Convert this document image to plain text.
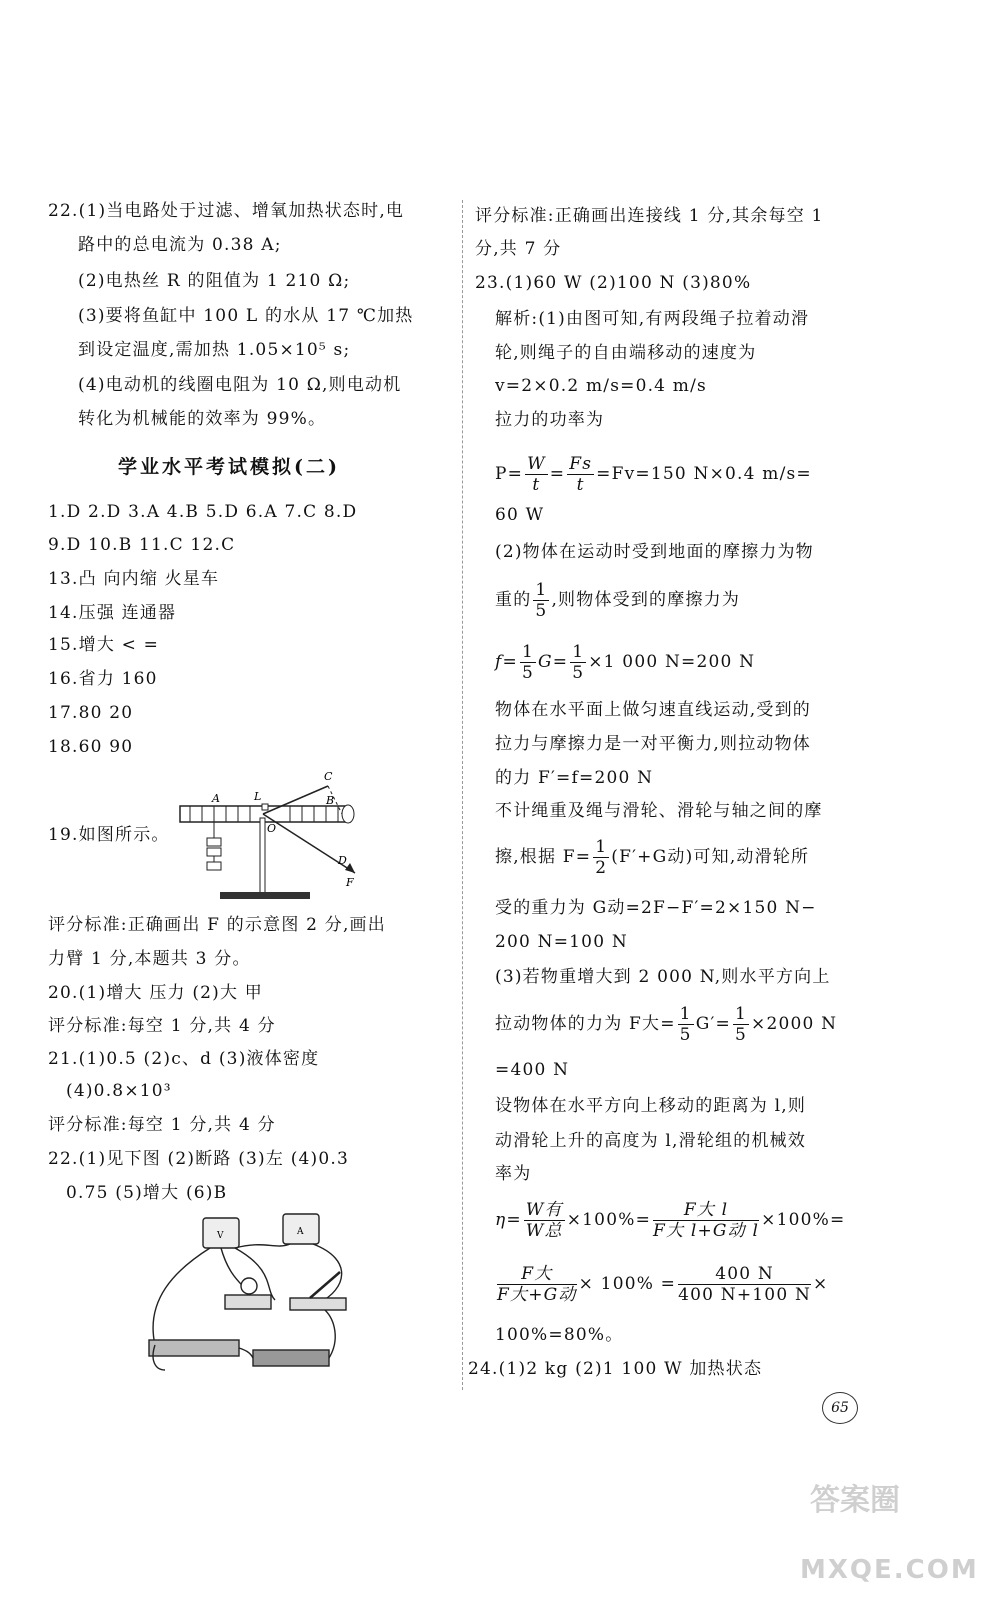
22.(1)当电路处于过滤、增氧加热状态时,电
路中的总电流为 0.38 A;
(2)电热丝 R 的阻值为 1 210 Ω;
(3)要将鱼缸中 100 L 的水从 17 ℃加热
到设定温度,需加热 1.05×10⁵ s;
(4)电动机的线圈电阻为 10 Ω,则电动机
转化为机械能的效率为 99%。
学业水平考试模拟(二)
1.D 2.D 3.A 4.B 5.D 6.A 7.C 8.D
9.D 10.B 11.C 12.C
13.凸 向内缩 火星车
14.压强 连通器
15.增大 < =
16.省力 160
17.80 20
18.60 90
19.如图所示。
A	L
C
B
O
D
F
评分标准:正确画出 F 的示意图 2 分,画出
力臂 1 分,本题共 3 分。
20.(1)增大 压力 (2)大 甲
评分标准:每空 1 分,共 4 分
21.(1)0.5 (2)c、d (3)液体密度
(4)0.8×10³
评分标准:每空 1 分,共 4 分
22.(1)见下图 (2)断路 (3)左 (4)0.3
0.75 (5)增大 (6)B
V	A
评分标准:正确画出连接线 1 分,其余每空 1
分,共 7 分
23.(1)60 W (2)100 N (3)80%
解析:(1)由图可知,有两段绳子拉着动滑
轮,则绳子的自由端移动的速度为
v=2×0.2 m/s=0.4 m/s
拉力的功率为
$P= \frac{W}{t} = \frac{Fs}{t} =Fv=150$ N×0.4 m/s=
60 W
(2)物体在运动时受到地面的摩擦力为物
重的 $\frac{1}{5}$ ,则物体受到的摩擦力为
$f= \frac{1}{5} G= \frac{1}{5} \times 1$ 000 N=200 N
物体在水平面上做匀速直线运动,受到的
拉力与摩擦力是一对平衡力,则拉动物体
的力 F′=f=200 N
不计绳重及绳与滑轮、滑轮与轴之间的摩
擦,根据 $F= \frac{1}{2} (F'+G$动)可知,动滑轮所
受的重力为 G动=2F−F′=2×150 N−
200 N=100 N
(3)若物重增大到 2 000 N,则水平方向上
拉动物体的力为 F大= $\frac{1}{5} G'= \frac{1}{5} \times 2000$ N
=400 N
设物体在水平方向上移动的距离为 l,则
动滑轮上升的高度为 l,滑轮组的机械效
率为
$\eta= \frac{\text{W有}}{\text{W总}} \times 100\%= \frac{\text{F大 l}}{\text{F大 l+G动 l}} \times 100\%=$
$\frac{\text{F大}}{\text{F大+G动}} \times 100\% = \frac{400 N}{400 N+100 N}$ ×
100%=80%。
24.(1)2 kg (2)1 100 W 加热状态
65
答案圈
MXQE.COM
